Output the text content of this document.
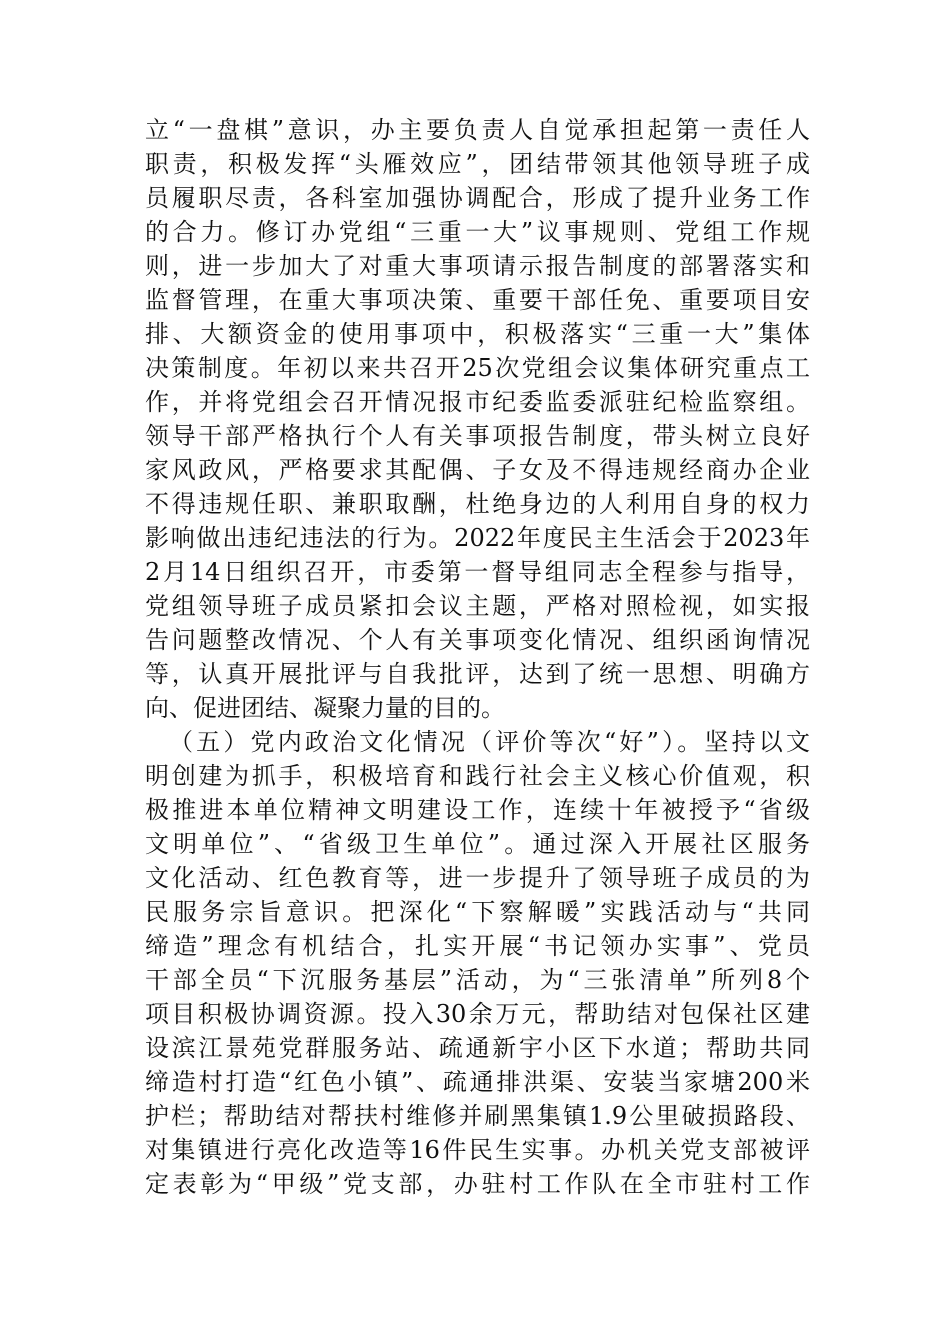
立“一盘棋”意识，办主要负责人自觉承担起第一责任人
职责，积极发挥“头雁效应”，团结带领其他领导班子成
员履职尽责，各科室加强协调配合，形成了提升业务工作
的合力。修订办党组“三重一大”议事规则、党组工作规
则，进一步加大了对重大事项请示报告制度的部署落实和
监督管理，在重大事项决策、重要干部任免、重要项目安
排、大额资金的使用事项中，积极落实“三重一大”集体
决策制度。年初以来共召开25次党组会议集体研究重点工
作，并将党组会召开情况报市纪委监委派驻纪检监察组。
领导干部严格执行个人有关事项报告制度，带头树立良好
家风政风，严格要求其配偶、子女及不得违规经商办企业
不得违规任职、兼职取酬，杜绝身边的人利用自身的权力
影响做出违纪违法的行为。2022年度民主生活会于2023年
2月14日组织召开，市委第一督导组同志全程参与指导，
党组领导班子成员紧扣会议主题，严格对照检视，如实报
告问题整改情况、个人有关事项变化情况、组织函询情况
等，认真开展批评与自我批评，达到了统一思想、明确方
向、促进团结、凝聚力量的目的。
（五）党内政治文化情况（评价等次“好”）。坚持以文
明创建为抓手，积极培育和践行社会主义核心价值观，积
极推进本单位精神文明建设工作，连续十年被授予“省级
文明单位”、“省级卫生单位”。通过深入开展社区服务
文化活动、红色教育等，进一步提升了领导班子成员的为
民服务宗旨意识。把深化“下察解暖”实践活动与“共同
缔造”理念有机结合，扎实开展“书记领办实事”、党员
干部全员“下沉服务基层”活动，为“三张清单”所列8个
项目积极协调资源。投入30余万元，帮助结对包保社区建
设滨江景苑党群服务站、疏通新宇小区下水道；帮助共同
缔造村打造“红色小镇”、疏通排洪渠、安装当家塘200米
护栏；帮助结对帮扶村维修并刷黑集镇1.9公里破损路段、
对集镇进行亮化改造等16件民生实事。办机关党支部被评
定表彰为“甲级”党支部，办驻村工作队在全市驻村工作
